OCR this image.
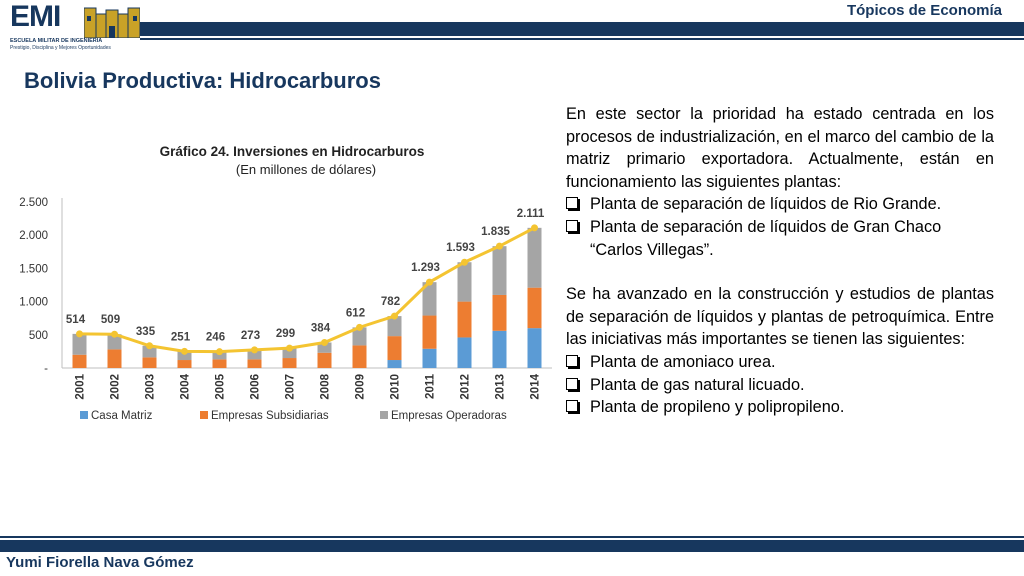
Tópicos de Economía
EMI
ESCUELA MILITAR DE INGENIERIA
Prestigio, Disciplina y Mejores Oportunidades
Bolivia Productiva: Hidrocarburos
Gráfico 24. Inversiones en Hidrocarburos
(En millones de dólares)
-
500
1.000
1.500
2.000
2.500
2001 2002 2003 2004 2005 2006 2007 2008 2009 2010 2011 2012 2013 2014
514 509
335 251 246 273 299 384
612
782
1.293
1.593
1.835
2.111
Casa Matriz	Empresas Subsidiarias	Empresas Operadoras

En este sector la prioridad ha estado centrada en los procesos de industrialización, en el marco del cambio de la matriz primario exportadora. Actualmente, están en funcionamiento las siguientes plantas:

Planta de separación de líquidos de Rio Grande.
Planta de separación de líquidos de Gran Chaco “Carlos Villegas”.

Se ha avanzado en la construcción y estudios de plantas de separación de líquidos y plantas de petroquímica. Entre las iniciativas más importantes se tienen las siguientes:

Planta de amoniaco urea.
Planta de gas natural licuado.
Planta de propileno y polipropileno.
Yumi Fiorella Nava Gómez
